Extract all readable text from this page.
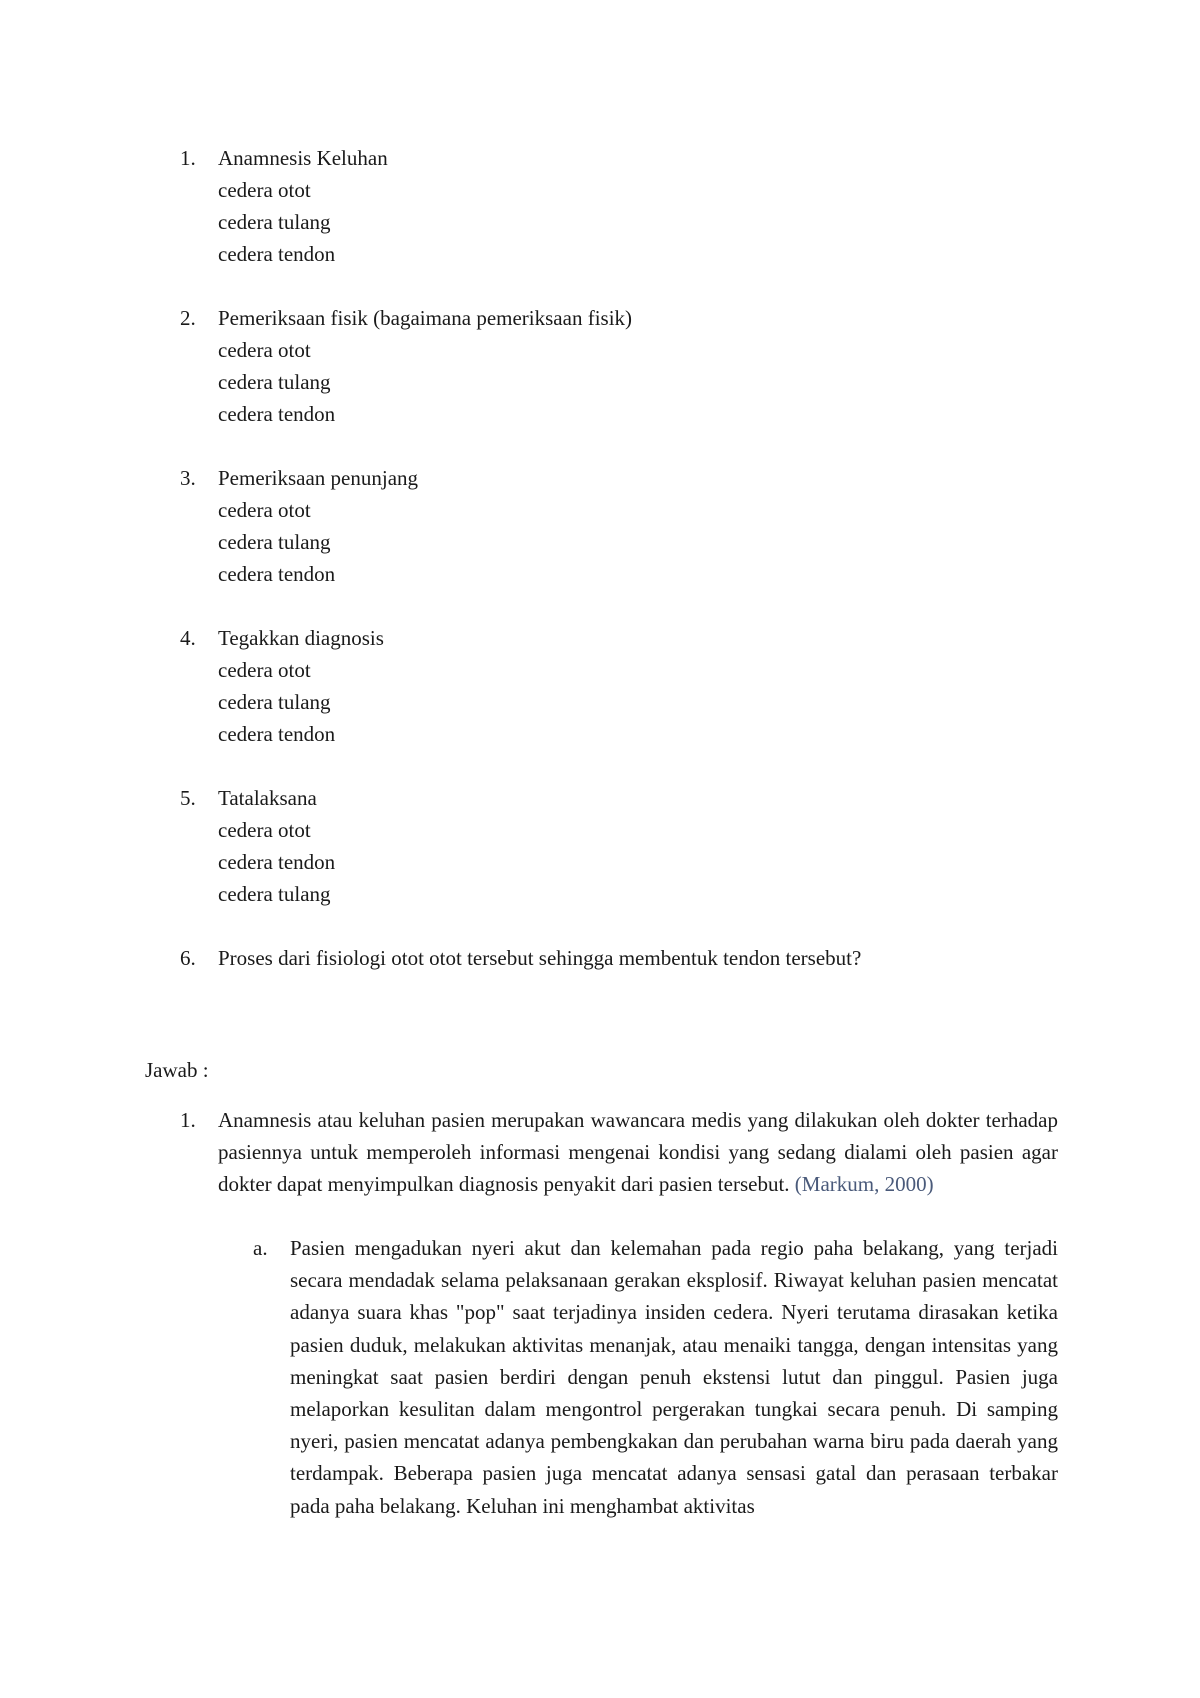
1. Anamnesis Keluhan
cedera otot
cedera tulang
cedera tendon
2. Pemeriksaan fisik (bagaimana pemeriksaan fisik)
cedera otot
cedera tulang
cedera tendon
3. Pemeriksaan penunjang
cedera otot
cedera tulang
cedera tendon
4. Tegakkan diagnosis
cedera otot
cedera tulang
cedera tendon
5. Tatalaksana
cedera otot
cedera tendon
cedera tulang
6. Proses dari fisiologi otot otot tersebut sehingga membentuk tendon tersebut?
Jawab :
1. Anamnesis atau keluhan pasien merupakan wawancara medis yang dilakukan oleh dokter terhadap pasiennya untuk memperoleh informasi mengenai kondisi yang sedang dialami oleh pasien agar dokter dapat menyimpulkan diagnosis penyakit dari pasien tersebut. (Markum, 2000)
a. Pasien mengadukan nyeri akut dan kelemahan pada regio paha belakang, yang terjadi secara mendadak selama pelaksanaan gerakan eksplosif. Riwayat keluhan pasien mencatat adanya suara khas "pop" saat terjadinya insiden cedera. Nyeri terutama dirasakan ketika pasien duduk, melakukan aktivitas menanjak, atau menaiki tangga, dengan intensitas yang meningkat saat pasien berdiri dengan penuh ekstensi lutut dan pinggul. Pasien juga melaporkan kesulitan dalam mengontrol pergerakan tungkai secara penuh. Di samping nyeri, pasien mencatat adanya pembengkakan dan perubahan warna biru pada daerah yang terdampak. Beberapa pasien juga mencatat adanya sensasi gatal dan perasaan terbakar pada paha belakang. Keluhan ini menghambat aktivitas
